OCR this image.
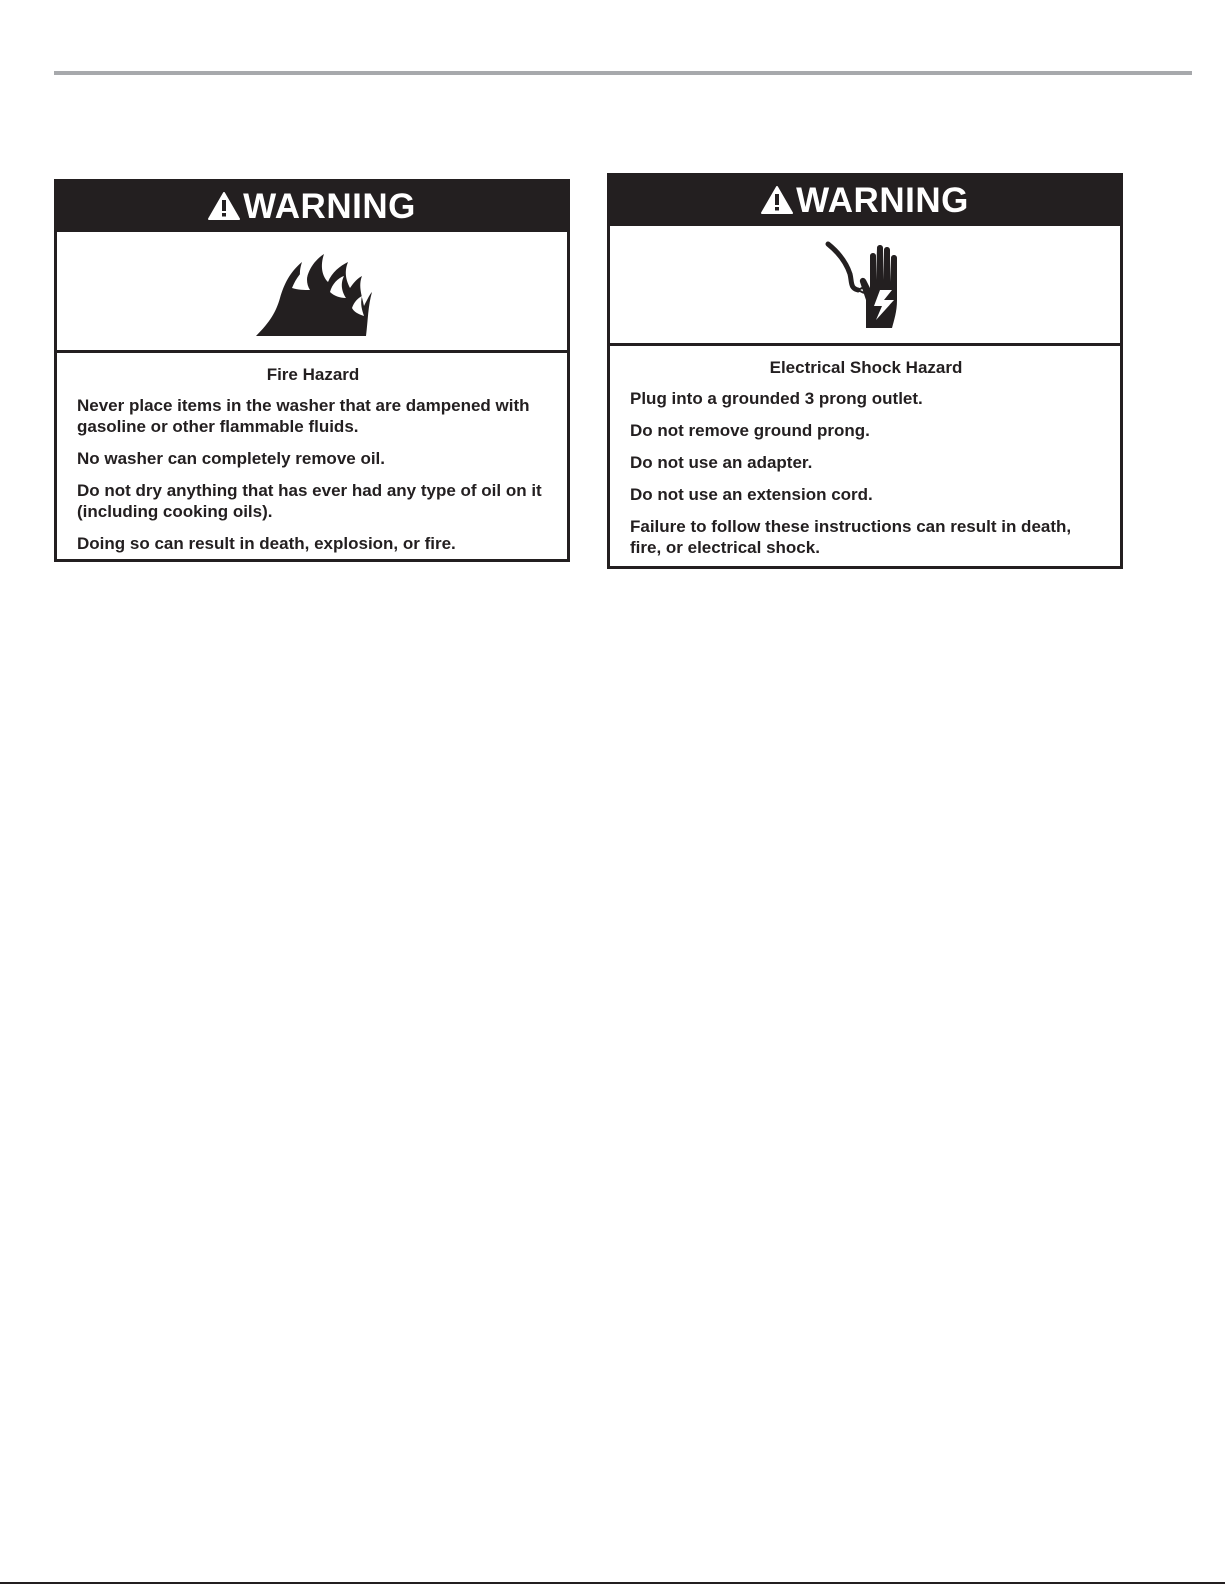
WARNING
Fire Hazard

Never place items in the washer that are dampened with gasoline or other flammable fluids.

No washer can completely remove oil.

Do not dry anything that has ever had any type of oil on it (including cooking oils).

Doing so can result in death, explosion, or fire.

WARNING
Electrical Shock Hazard

Plug into a grounded 3 prong outlet.

Do not remove ground prong.

Do not use an adapter.

Do not use an extension cord.

Failure to follow these instructions can result in death, fire, or electrical shock.
